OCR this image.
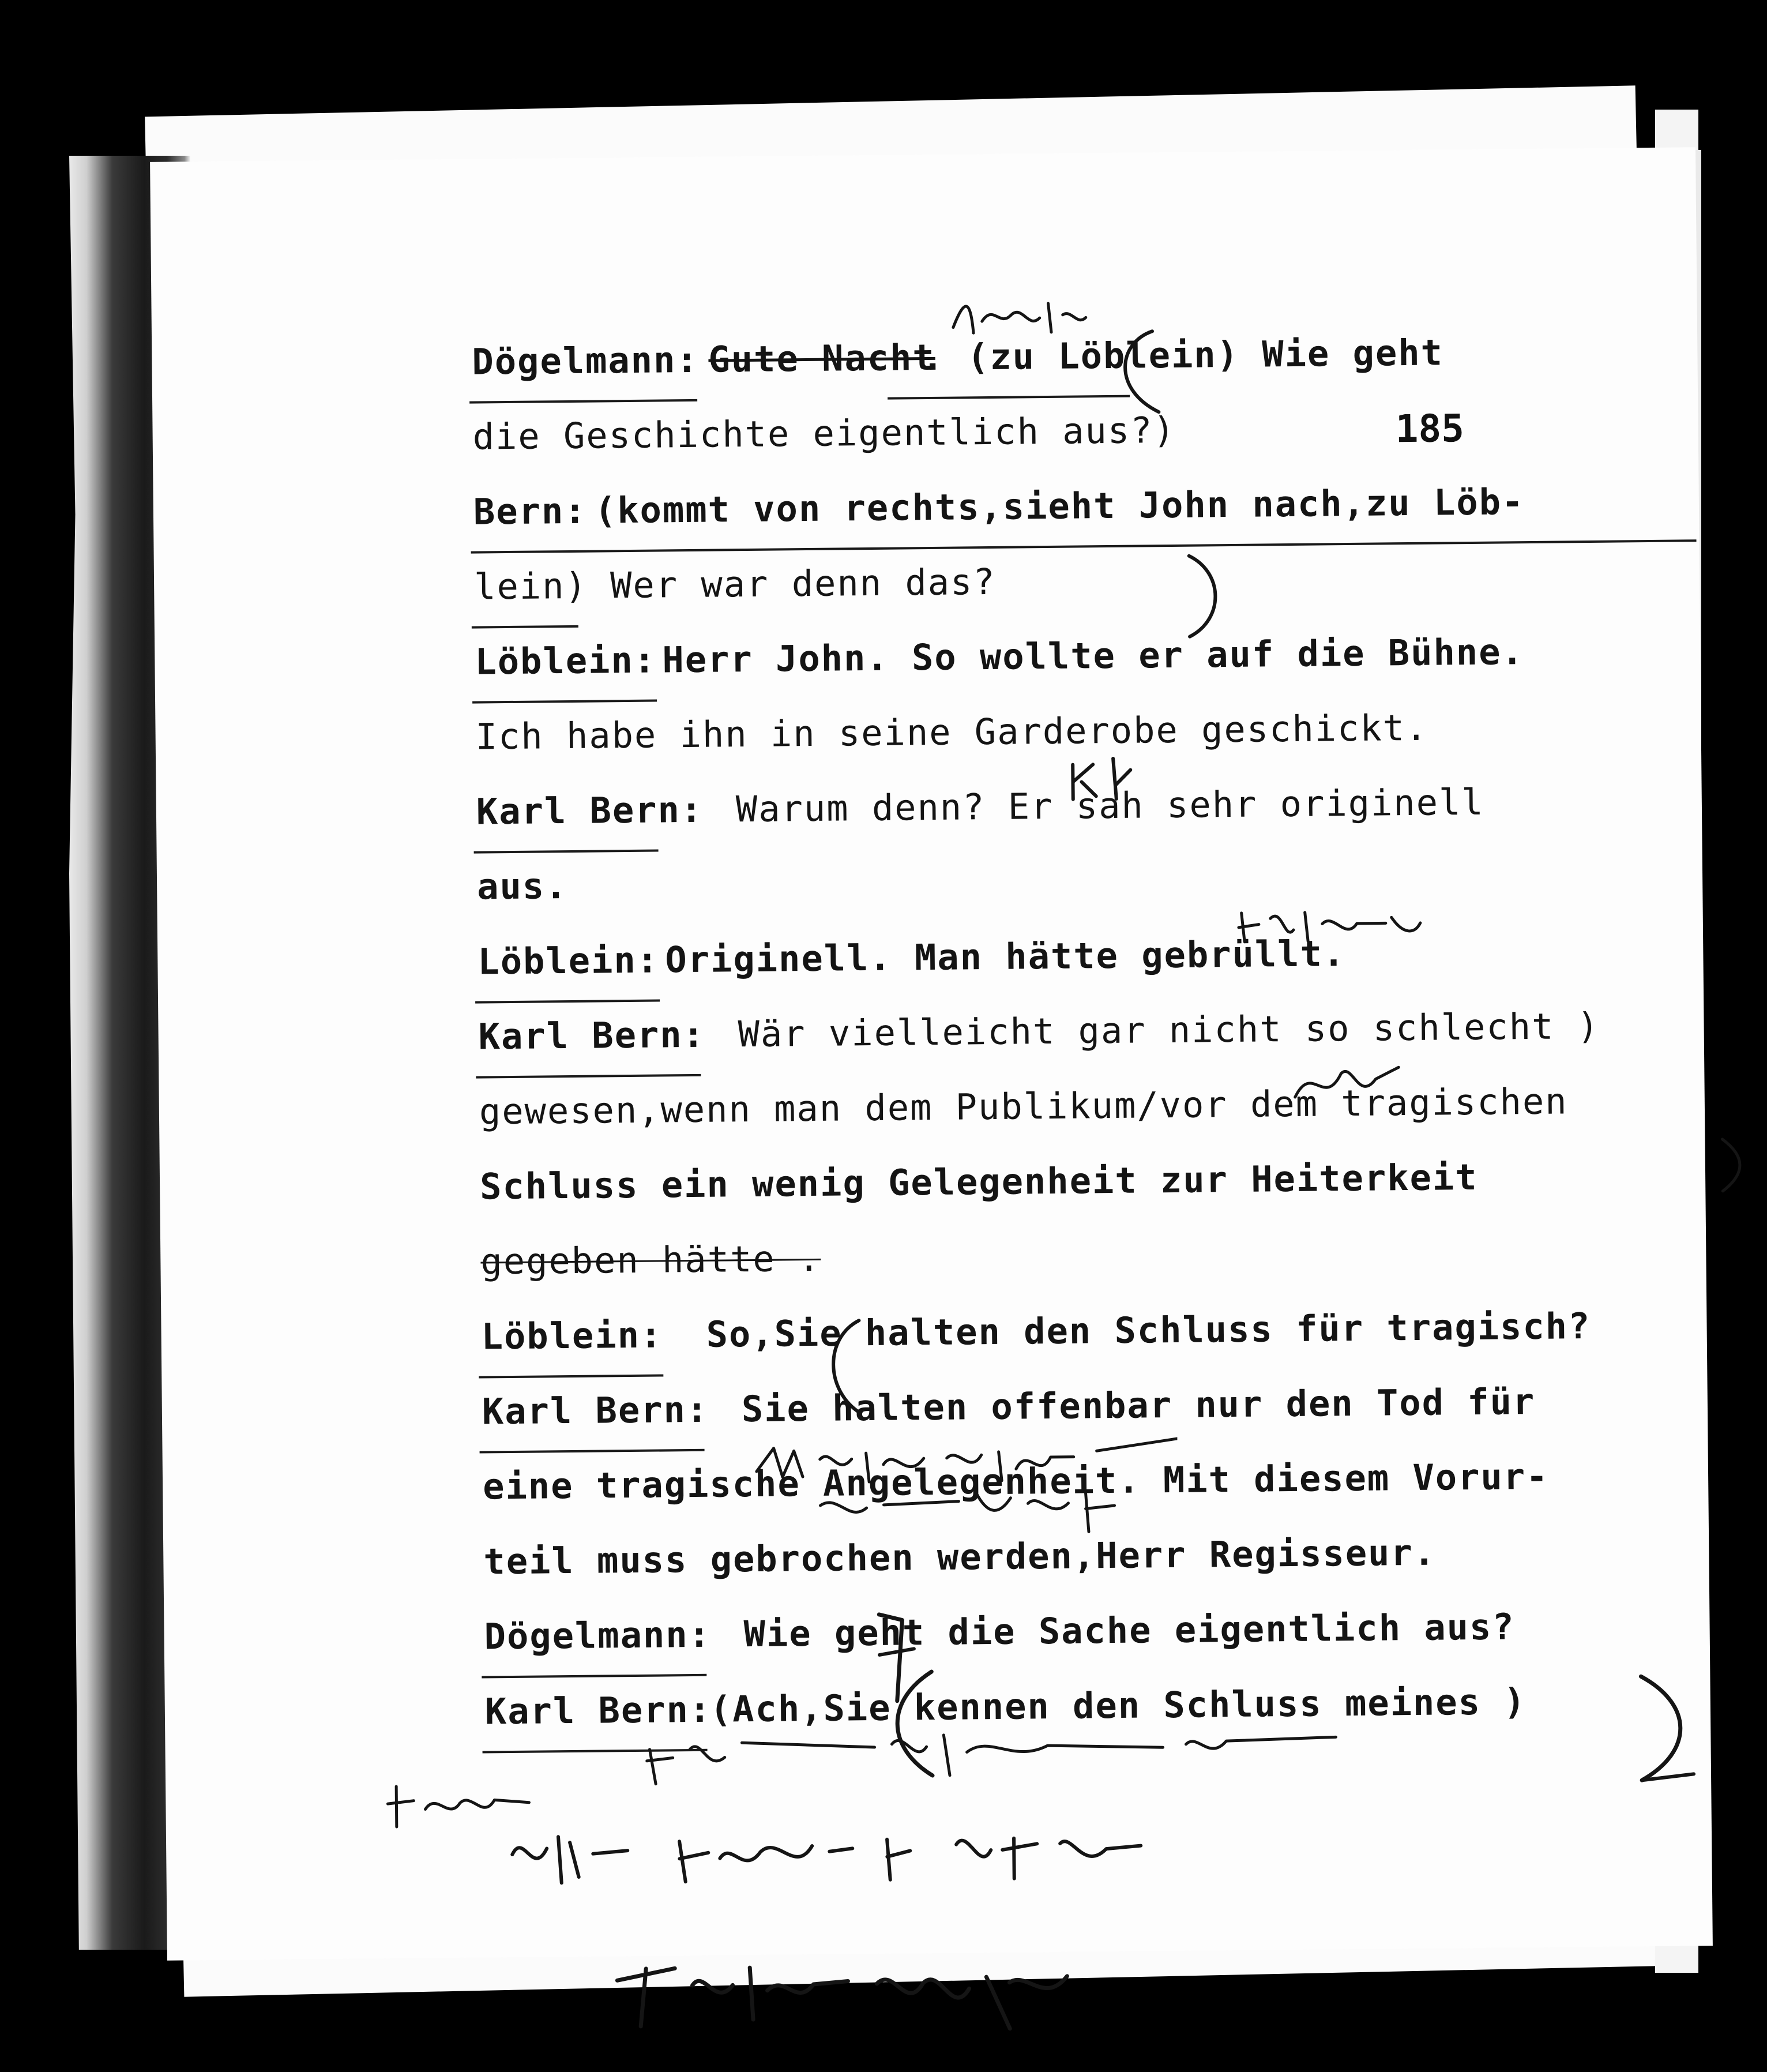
185
Dögelmann: Gute Nacht
. (zu Löblein) Wie geht
die Geschichte eigentlich aus?)
Bern: (kommt von rechts,sieht John nach,zu Löb-
lein) Wer war denn das?
Löblein: Herr John. So wollte er auf die Bühne.
Ich habe ihn in seine Garderobe geschickt.
Karl Bern: Warum denn? Er sah sehr originell
aus.
Löblein: Originell. Man hätte gebrüllt.
Karl Bern: Wär vielleicht gar nicht so schlecht )
gewesen,wenn man dem Publikum/vor dem tragischen
Schluss ein wenig Gelegenheit zur Heiterkeit
gegeben hätte .
Löblein: So,Sie halten den Schluss für tragisch?
Karl Bern: Sie halten offenbar nur den Tod für
eine tragische Angelegenheit. Mit diesem Vorur-
teil muss gebrochen werden,Herr Regisseur.
Dögelmann: Wie geht die Sache eigentlich aus?
Karl Bern:
(Ach,Sie kennen den Schluss meines )
